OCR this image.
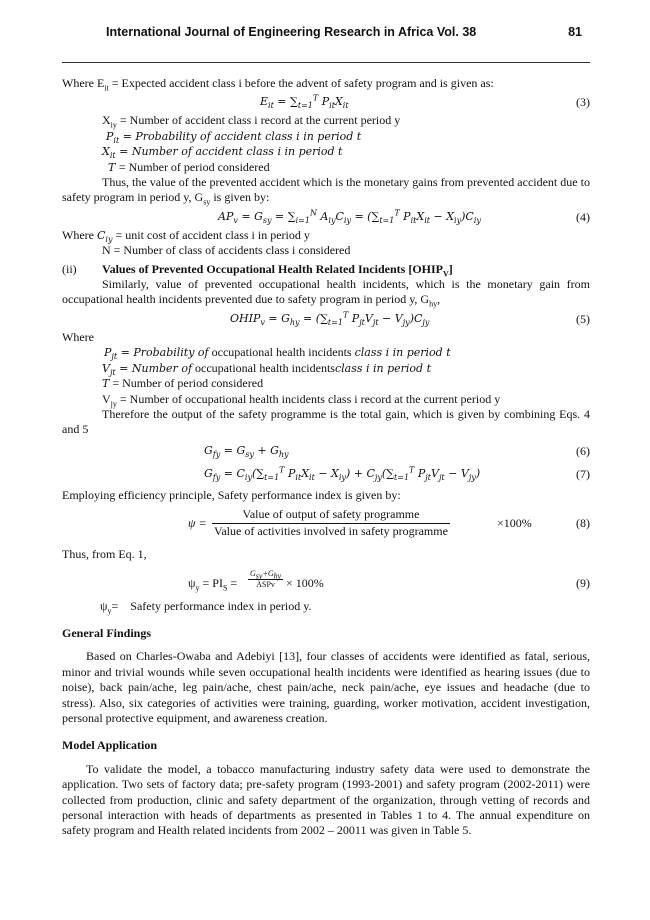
International Journal of Engineering Research in Africa Vol. 38	81

Where $E_{it}$ = Expected accident class i before the advent of safety program and is given as:

$E_{it} = \sum_{t=1}^T$ $P_{it}X_{it}$	(3)

$X_{iy}$ = Number of accident class i record at the current period y

$P_{it}$ = Probability of accident class i in period t

$X_{it}$ = Number of accident class i in period t

T = Number of period considered

Thus, the value of the prevented accident which is the monetary gains from prevented accident due to safety program in period y, $G_{sy}$ is given by:

$AP_v = G_{sy} = \sum_{i=1}^N$ $A_{iy}C_{iy} = (\sum_{t=1}^T$ $P_{it}X_{it} - X_{iy})C_{iy}$	(4)

Where $C_{iy}$ = unit cost of accident class i in period y

N = Number of class of accidents class i considered

(ii) Values of Prevented Occupational Health Related Incidents $[OHIP_V]$

Similarly, value of prevented occupational health incidents, which is the monetary gain from occupational health incidents prevented due to safety program in period y, $G_{hy}$,

$OHIP_v = G_{hy} = (\sum_{t=1}^T$ $P_{jt}V_{jt} - V_{jy})C_{jy}$	(5)

Where

$P_{jt}$ = Probability of occupational health incidents class i in period t

$V_{jt}$ = Number of occupational health incidentsclass i in period t

T = Number of period considered

$V_{jy}$ = Number of occupational health incidents class i record at the current period y

Therefore the output of the safety programme is the total gain, which is given by combining Eqs. 4 and 5

$G_{fy} = G_{sy} + G_{hy}$	(6)
$G_{fy} = C_{iy}(\sum_{t=1}^T$ $P_{it}X_{it} - X_{iy}) + C_{jy}(\sum_{t=1}^T$ $P_{jt}V_{jt} - V_{jy}$)	(7)

Employing efficiency principle, Safety performance index is given by:

ψ =
Value of output of safety programme
Value of activities involved in safety programme
×100%	(8)

Thus, from Eq. 1,

$\psi_y = PI_S$ =
$G_{sy}+G_{hy}$
ASPv × 100%	(9)

$\psi_y=$    Safety performance index in period y.

General Findings

Based on Charles-Owaba and Adebiyi [13], four classes of accidents were identified as fatal, serious, minor and trivial wounds while seven occupational health incidents were identified as hearing issues (due to noise), back pain/ache, leg pain/ache, chest pain/ache, neck pain/ache, eye issues and headache (due to stress). Also, six categories of activities were training, guarding, worker motivation, accident investigation, personal protective equipment, and awareness creation.

Model Application

To validate the model, a tobacco manufacturing industry safety data were used to demonstrate the application. Two sets of factory data; pre-safety program (1993-2001) and safety program (2002-2011) were collected from production, clinic and safety department of the organization, through vetting of records and personal interaction with heads of departments as presented in Tables 1 to 4. The annual expenditure on safety program and Health related incidents from 2002 – 20011 was given in Table 5.
